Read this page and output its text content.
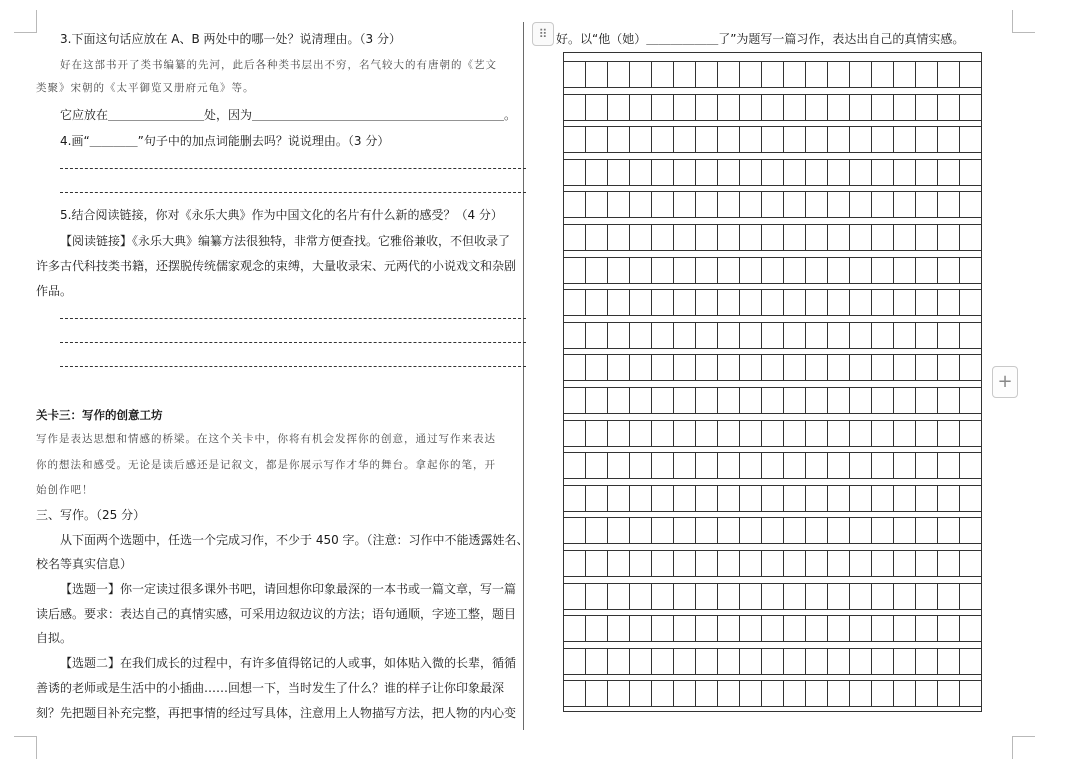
3.下面这句话应放在 A、B 两处中的哪一处？说清理由。（3 分）
好在这部书开了类书编纂的先河，此后各种类书层出不穷，名气较大的有唐朝的《艺文
类聚》宋朝的《太平御览又册府元龟》等。
它应放在＿＿＿＿＿＿＿＿处，因为＿＿＿＿＿＿＿＿＿＿＿＿＿＿＿＿＿＿＿＿＿。
4.画“＿＿＿＿”句子中的加点词能删去吗？说说理由。（3 分）
5.结合阅读链接，你对《永乐大典》作为中国文化的名片有什么新的感受？（4 分）
【阅读链接】《永乐大典》编纂方法很独特，非常方便查找。它雅俗兼收，不但收录了
许多古代科技类书籍，还摆脱传统儒家观念的束缚，大量收录宋、元两代的小说戏文和杂剧
作品。
关卡三：写作的创意工坊
写作是表达思想和情感的桥梁。在这个关卡中，你将有机会发挥你的创意，通过写作来表达
你的想法和感受。无论是读后感还是记叙文，都是你展示写作才华的舞台。拿起你的笔，开
始创作吧！
三、写作。（25 分）
从下面两个选题中，任选一个完成习作，不少于 450 字。（注意：习作中不能透露姓名、
校名等真实信息）
【选题一】你一定读过很多课外书吧，请回想你印象最深的一本书或一篇文章，写一篇
读后感。要求：表达自己的真情实感，可采用边叙边议的方法；语句通顺，字迹工整，题目
自拟。
【选题二】在我们成长的过程中，有许多值得铭记的人或事，如体贴入微的长辈，循循
善诱的老师或是生活中的小插曲……回想一下，当时发生了什么？谁的样子让你印象最深
刻？先把题目补充完整，再把事情的经过写具体，注意用上人物描写方法，把人物的内心变
⠿
+
好。以“他（她）＿＿＿＿＿＿了”为题写一篇习作，表达出自己的真情实感。
